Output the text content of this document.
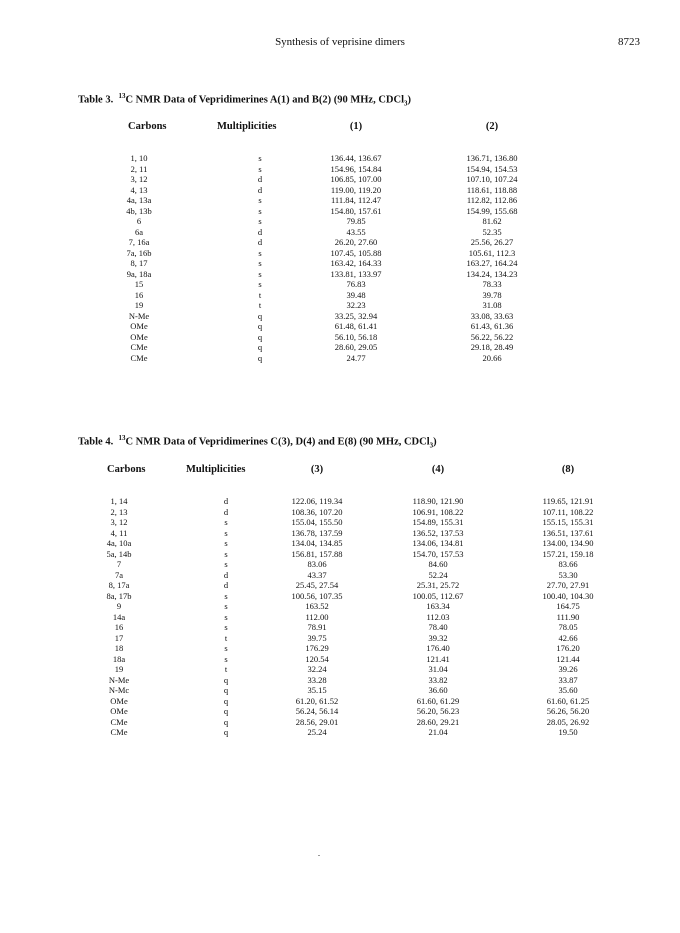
Synthesis of veprisine dimers	8723
Table 3. $^{13}$C NMR Data of Vepridimerines A(1) and B(2) (90 MHz, CDCl$_3$)
Carbons	Multiplicities	(1)	(2)
1, 10	s	136.44, 136.67	136.71, 136.80
2, 11	s	154.96, 154.84	154.94, 154.53
3, 12	d	106.85, 107.00	107.10, 107.24
4, 13	d	119.00, 119.20	118.61, 118.88
4a, 13a	s	111.84, 112.47	112.82, 112.86
4b, 13b	s	154.80, 157.61	154.99, 155.68
6	s	79.85	81.62
6a	d	43.55	52.35
7, 16a	d	26.20, 27.60	25.56, 26.27
7a, 16b	s	107.45, 105.88	105.61, 112.3
8, 17	s	163.42, 164.33	163.27, 164.24
9a, 18a	s	133.81, 133.97	134.24, 134.23
15	s	76.83	78.33
16	t	39.48	39.78
19	t	32.23	31.08
N-Me	q	33.25, 32.94	33.08, 33.63
OMe	q	61.48, 61.41	61.43, 61.36
OMe	q	56.10, 56.18	56.22, 56.22
CMe	q	28.60, 29.05	29.18, 28.49
CMe	q	24.77	20.66
Table 4. $^{13}$C NMR Data of Vepridimerines C(3), D(4) and E(8) (90 MHz, CDCl$_3$)
Carbons	Multiplicities	(3)	(4)	(8)
1, 14	d	122.06, 119.34	118.90, 121.90	119.65, 121.91
2, 13	d	108.36, 107.20	106.91, 108.22	107.11, 108.22
3, 12	s	155.04, 155.50	154.89, 155.31	155.15, 155.31
4, 11	s	136.78, 137.59	136.52, 137.53	136.51, 137.61
4a, 10a	s	134.04, 134.85	134.06, 134.81	134.00, 134.90
5a, 14b	s	156.81, 157.88	154.70, 157.53	157.21, 159.18
7	s	83.06	84.60	83.66
7a	d	43.37	52.24	53.30
8, 17a	d	25.45, 27.54	25.31, 25.72	27.70, 27.91
8a, 17b	s	100.56, 107.35	100.05, 112.67	100.40, 104.30
9	s	163.52	163.34	164.75
14a	s	112.00	112.03	111.90
16	s	78.91	78.40	78.05
17	t	39.75	39.32	42.66
18	s	176.29	176.40	176.20
18a	s	120.54	121.41	121.44
19	t	32.24	31.04	39.26
N-Me	q	33.28	33.82	33.87
N-Mc	q	35.15	36.60	35.60
OMe	q	61.20, 61.52	61.60, 61.29	61.60, 61.25
OMe	q	56.24, 56.14	56.20, 56.23	56.26, 56.20
CMe	q	28.56, 29.01	28.60, 29.21	28.05, 26.92
CMe	q	25.24	21.04	19.50
